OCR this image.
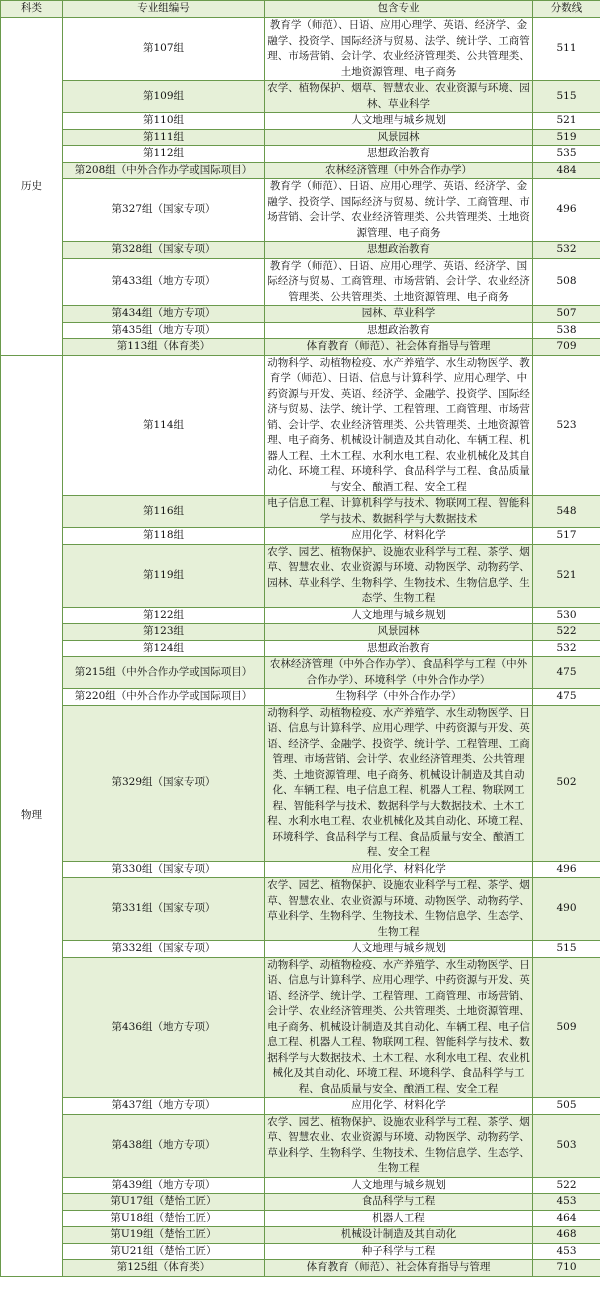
科类	专业组编号	包含专业	分数线
历史	第107组	教育学（师范）、日语、应用心理学、英语、经济学、金融学、投资学、国际经济与贸易、法学、统计学、工商管理、市场营销、会计学、农业经济管理类、公共管理类、土地资源管理、电子商务	511
	第109组	农学、植物保护、烟草、智慧农业、农业资源与环境、园林、草业科学	515
	第110组	人文地理与城乡规划	521
	第111组	风景园林	519
	第112组	思想政治教育	535
	第208组（中外合作办学或国际项目）	农林经济管理（中外合作办学）	484
	第327组（国家专项）	教育学（师范）、日语、应用心理学、英语、经济学、金融学、投资学、国际经济与贸易、统计学、工商管理、市场营销、会计学、农业经济管理类、公共管理类、土地资源管理、电子商务	496
	第328组（国家专项）	思想政治教育	532
	第433组（地方专项）	教育学（师范）、日语、应用心理学、英语、经济学、国际经济与贸易、工商管理、市场营销、会计学、农业经济管理类、公共管理类、土地资源管理、电子商务	508
	第434组（地方专项）	园林、草业科学	507
	第435组（地方专项）	思想政治教育	538
	第113组（体育类）	体育教育（师范）、社会体育指导与管理	709
物理	第114组	动物科学、动植物检疫、水产养殖学、水生动物医学、教育学（师范）、日语、信息与计算科学、应用心理学、中药资源与开发、英语、经济学、金融学、投资学、国际经济与贸易、法学、统计学、工程管理、工商管理、市场营销、会计学、农业经济管理类、公共管理类、土地资源管理、电子商务、机械设计制造及其自动化、车辆工程、机器人工程、土木工程、水利水电工程、农业机械化及其自动化、环境工程、环境科学、食品科学与工程、食品质量与安全、酿酒工程、安全工程	523
	第116组	电子信息工程、计算机科学与技术、物联网工程、智能科学与技术、数据科学与大数据技术	548
	第118组	应用化学、材料化学	517
	第119组	农学、园艺、植物保护、设施农业科学与工程、茶学、烟草、智慧农业、农业资源与环境、动物医学、动物药学、园林、草业科学、生物科学、生物技术、生物信息学、生态学、生物工程	521
	第122组	人文地理与城乡规划	530
	第123组	风景园林	522
	第124组	思想政治教育	532
	第215组（中外合作办学或国际项目）	农林经济管理（中外合作办学）、食品科学与工程（中外合作办学）、环境科学（中外合作办学）	475
	第220组（中外合作办学或国际项目）	生物科学（中外合作办学）	475
	第329组（国家专项）	动物科学、动植物检疫、水产养殖学、水生动物医学、日语、信息与计算科学、应用心理学、中药资源与开发、英语、经济学、金融学、投资学、统计学、工程管理、工商管理、市场营销、会计学、农业经济管理类、公共管理类、土地资源管理、电子商务、机械设计制造及其自动化、车辆工程、电子信息工程、机器人工程、物联网工程、智能科学与技术、数据科学与大数据技术、土木工程、水利水电工程、农业机械化及其自动化、环境工程、环境科学、食品科学与工程、食品质量与安全、酿酒工程、安全工程	502
	第330组（国家专项）	应用化学、材料化学	496
	第331组（国家专项）	农学、园艺、植物保护、设施农业科学与工程、茶学、烟草、智慧农业、农业资源与环境、动物医学、动物药学、草业科学、生物科学、生物技术、生物信息学、生态学、生物工程	490
	第332组（国家专项）	人文地理与城乡规划	515
	第436组（地方专项）	动物科学、动植物检疫、水产养殖学、水生动物医学、日语、信息与计算科学、应用心理学、中药资源与开发、英语、经济学、统计学、工程管理、工商管理、市场营销、会计学、农业经济管理类、公共管理类、土地资源管理、电子商务、机械设计制造及其自动化、车辆工程、电子信息工程、机器人工程、物联网工程、智能科学与技术、数据科学与大数据技术、土木工程、水利水电工程、农业机械化及其自动化、环境工程、环境科学、食品科学与工程、食品质量与安全、酿酒工程、安全工程	509
	第437组（地方专项）	应用化学、材料化学	505
	第438组（地方专项）	农学、园艺、植物保护、设施农业科学与工程、茶学、烟草、智慧农业、农业资源与环境、动物医学、动物药学、草业科学、生物科学、生物技术、生物信息学、生态学、生物工程	503
	第439组（地方专项）	人文地理与城乡规划	522
	第U17组（楚怡工匠）	食品科学与工程	453
	第U18组（楚怡工匠）	机器人工程	464
	第U19组（楚怡工匠）	机械设计制造及其自动化	468
	第U21组（楚怡工匠）	种子科学与工程	453
	第125组（体育类）	体育教育（师范）、社会体育指导与管理	710
